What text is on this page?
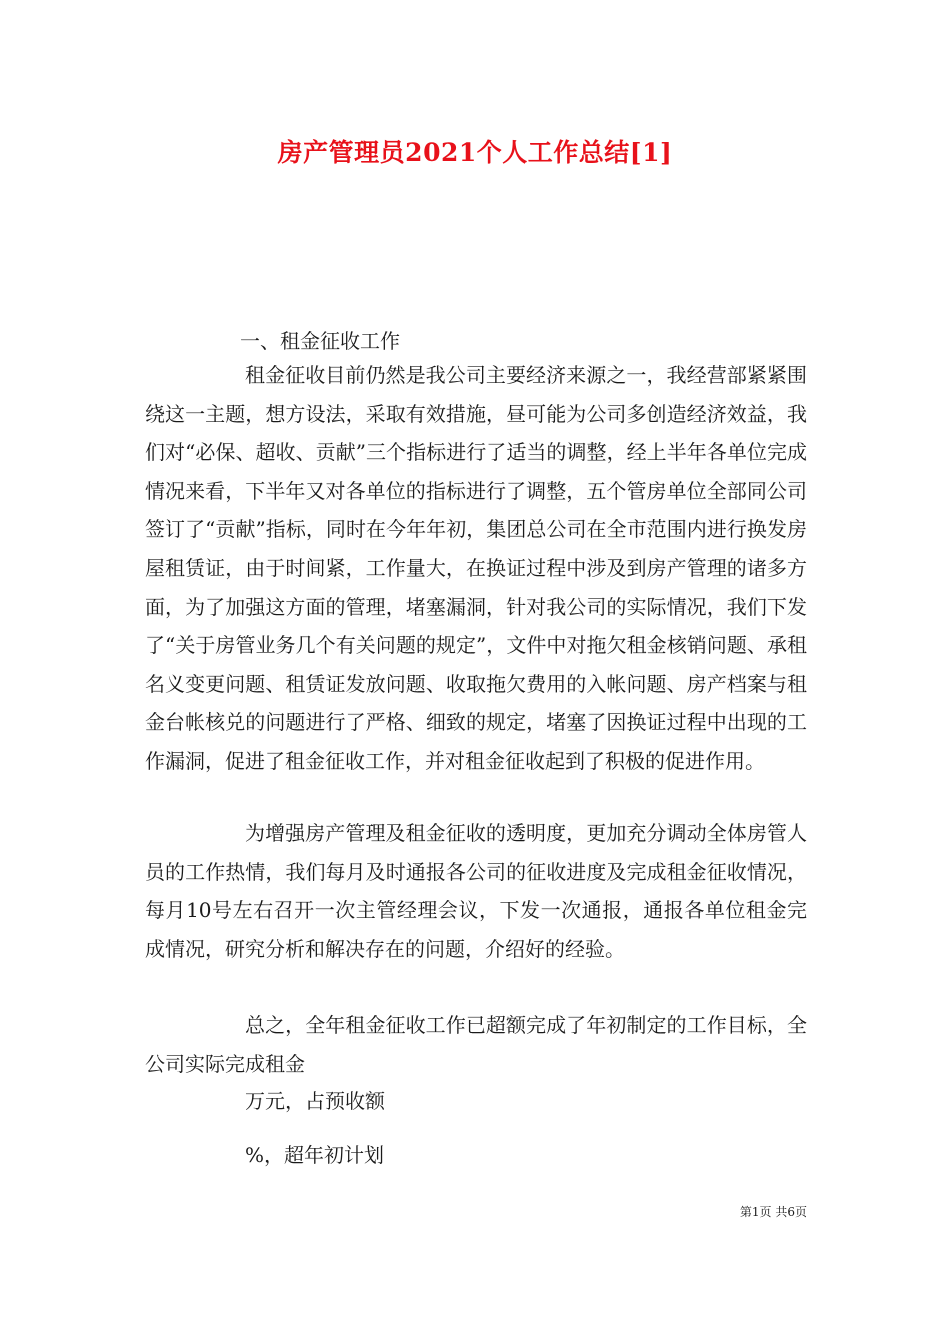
房产管理员2021个人工作总结[1]
一、租金征收工作
租金征收目前仍然是我公司主要经济来源之一，我经营部紧紧围绕这一主题，想方设法，采取有效措施，昼可能为公司多创造经济效益，我们对“必保、超收、贡献”三个指标进行了适当的调整，经上半年各单位完成情况来看，下半年又对各单位的指标进行了调整，五个管房单位全部同公司签订了“贡献”指标，同时在今年年初，集团总公司在全市范围内进行换发房屋租赁证，由于时间紧，工作量大，在换证过程中涉及到房产管理的诸多方面，为了加强这方面的管理，堵塞漏洞，针对我公司的实际情况，我们下发了“关于房管业务几个有关问题的规定”，文件中对拖欠租金核销问题、承租名义变更问题、租赁证发放问题、收取拖欠费用的入帐问题、房产档案与租金台帐核兑的问题进行了严格、细致的规定，堵塞了因换证过程中出现的工作漏洞，促进了租金征收工作，并对租金征收起到了积极的促进作用。
为增强房产管理及租金征收的透明度，更加充分调动全体房管人员的工作热情，我们每月及时通报各公司的征收进度及完成租金征收情况，每月10号左右召开一次主管经理会议，下发一次通报，通报各单位租金完成情况，研究分析和解决存在的问题，介绍好的经验。
总之，全年租金征收工作已超额完成了年初制定的工作目标，全公司实际完成租金
万元，占预收额
%，超年初计划
第1页 共6页
